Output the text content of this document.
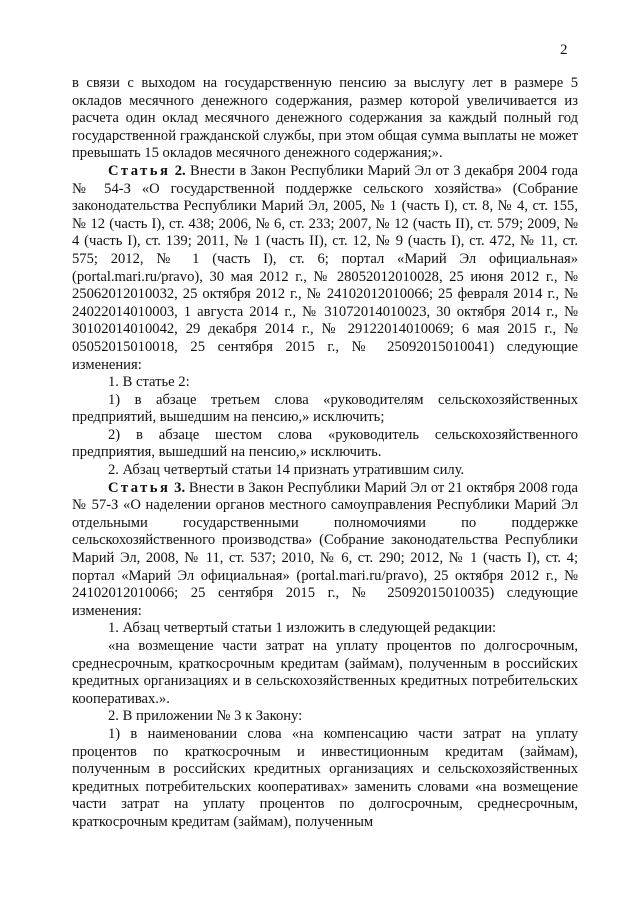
2

в связи с выходом на государственную пенсию за выслугу лет в размере 5 окладов месячного денежного содержания, размер которой увеличивается из расчета один оклад месячного денежного содержания за каждый полный год государственной гражданской службы, при этом общая сумма выплаты не может превышать 15 окладов месячного денежного содержания;».

Статья 2. Внести в Закон Республики Марий Эл от 3 декабря 2004 года № 54-З «О государственной поддержке сельского хозяйства» (Собрание законодательства Республики Марий Эл, 2005, № 1 (часть I), ст. 8, № 4, ст. 155, № 12 (часть I), ст. 438; 2006, № 6, ст. 233; 2007, № 12 (часть II), ст. 579; 2009, № 4 (часть I), ст. 139; 2011, № 1 (часть II), ст. 12, № 9 (часть I), ст. 472, № 11, ст. 575; 2012, № 1 (часть I), ст. 6; портал «Марий Эл официальная» (portal.mari.ru/pravo), 30 мая 2012 г., № 28052012010028, 25 июня 2012 г., № 25062012010032, 25 октября 2012 г., № 24102012010066; 25 февраля 2014 г., № 24022014010003, 1 августа 2014 г., № 31072014010023, 30 октября 2014 г., № 30102014010042, 29 декабря 2014 г., № 29122014010069; 6 мая 2015 г., № 05052015010018, 25 сентября 2015 г., № 25092015010041) следующие изменения:

1. В статье 2:

1) в абзаце третьем слова «руководителям сельскохозяйственных предприятий, вышедшим на пенсию,» исключить;

2) в абзаце шестом слова «руководитель сельскохозяйственного предприятия, вышедший на пенсию,» исключить.

2. Абзац четвертый статьи 14 признать утратившим силу.

Статья 3. Внести в Закон Республики Марий Эл от 21 октября 2008 года № 57-З «О наделении органов местного самоуправления Республики Марий Эл отдельными государственными полномочиями по поддержке сельскохозяйственного производства» (Собрание законодательства Республики Марий Эл, 2008, № 11, ст. 537; 2010, № 6, ст. 290; 2012, № 1 (часть I), ст. 4; портал «Марий Эл официальная» (portal.mari.ru/pravo), 25 октября 2012 г., № 24102012010066; 25 сентября 2015 г., № 25092015010035) следующие изменения:

1. Абзац четвертый статьи 1 изложить в следующей редакции:

«на возмещение части затрат на уплату процентов по долгосрочным, среднесрочным, краткосрочным кредитам (займам), полученным в российских кредитных организациях и в сельскохозяйственных кредитных потребительских кооперативах.».

2. В приложении № 3 к Закону:

1) в наименовании слова «на компенсацию части затрат на уплату процентов по краткосрочным и инвестиционным кредитам (займам), полученным в российских кредитных организациях и сельскохозяйственных кредитных потребительских кооперативах» заменить словами «на возмещение части затрат на уплату процентов по долгосрочным, среднесрочным, краткосрочным кредитам (займам), полученным
